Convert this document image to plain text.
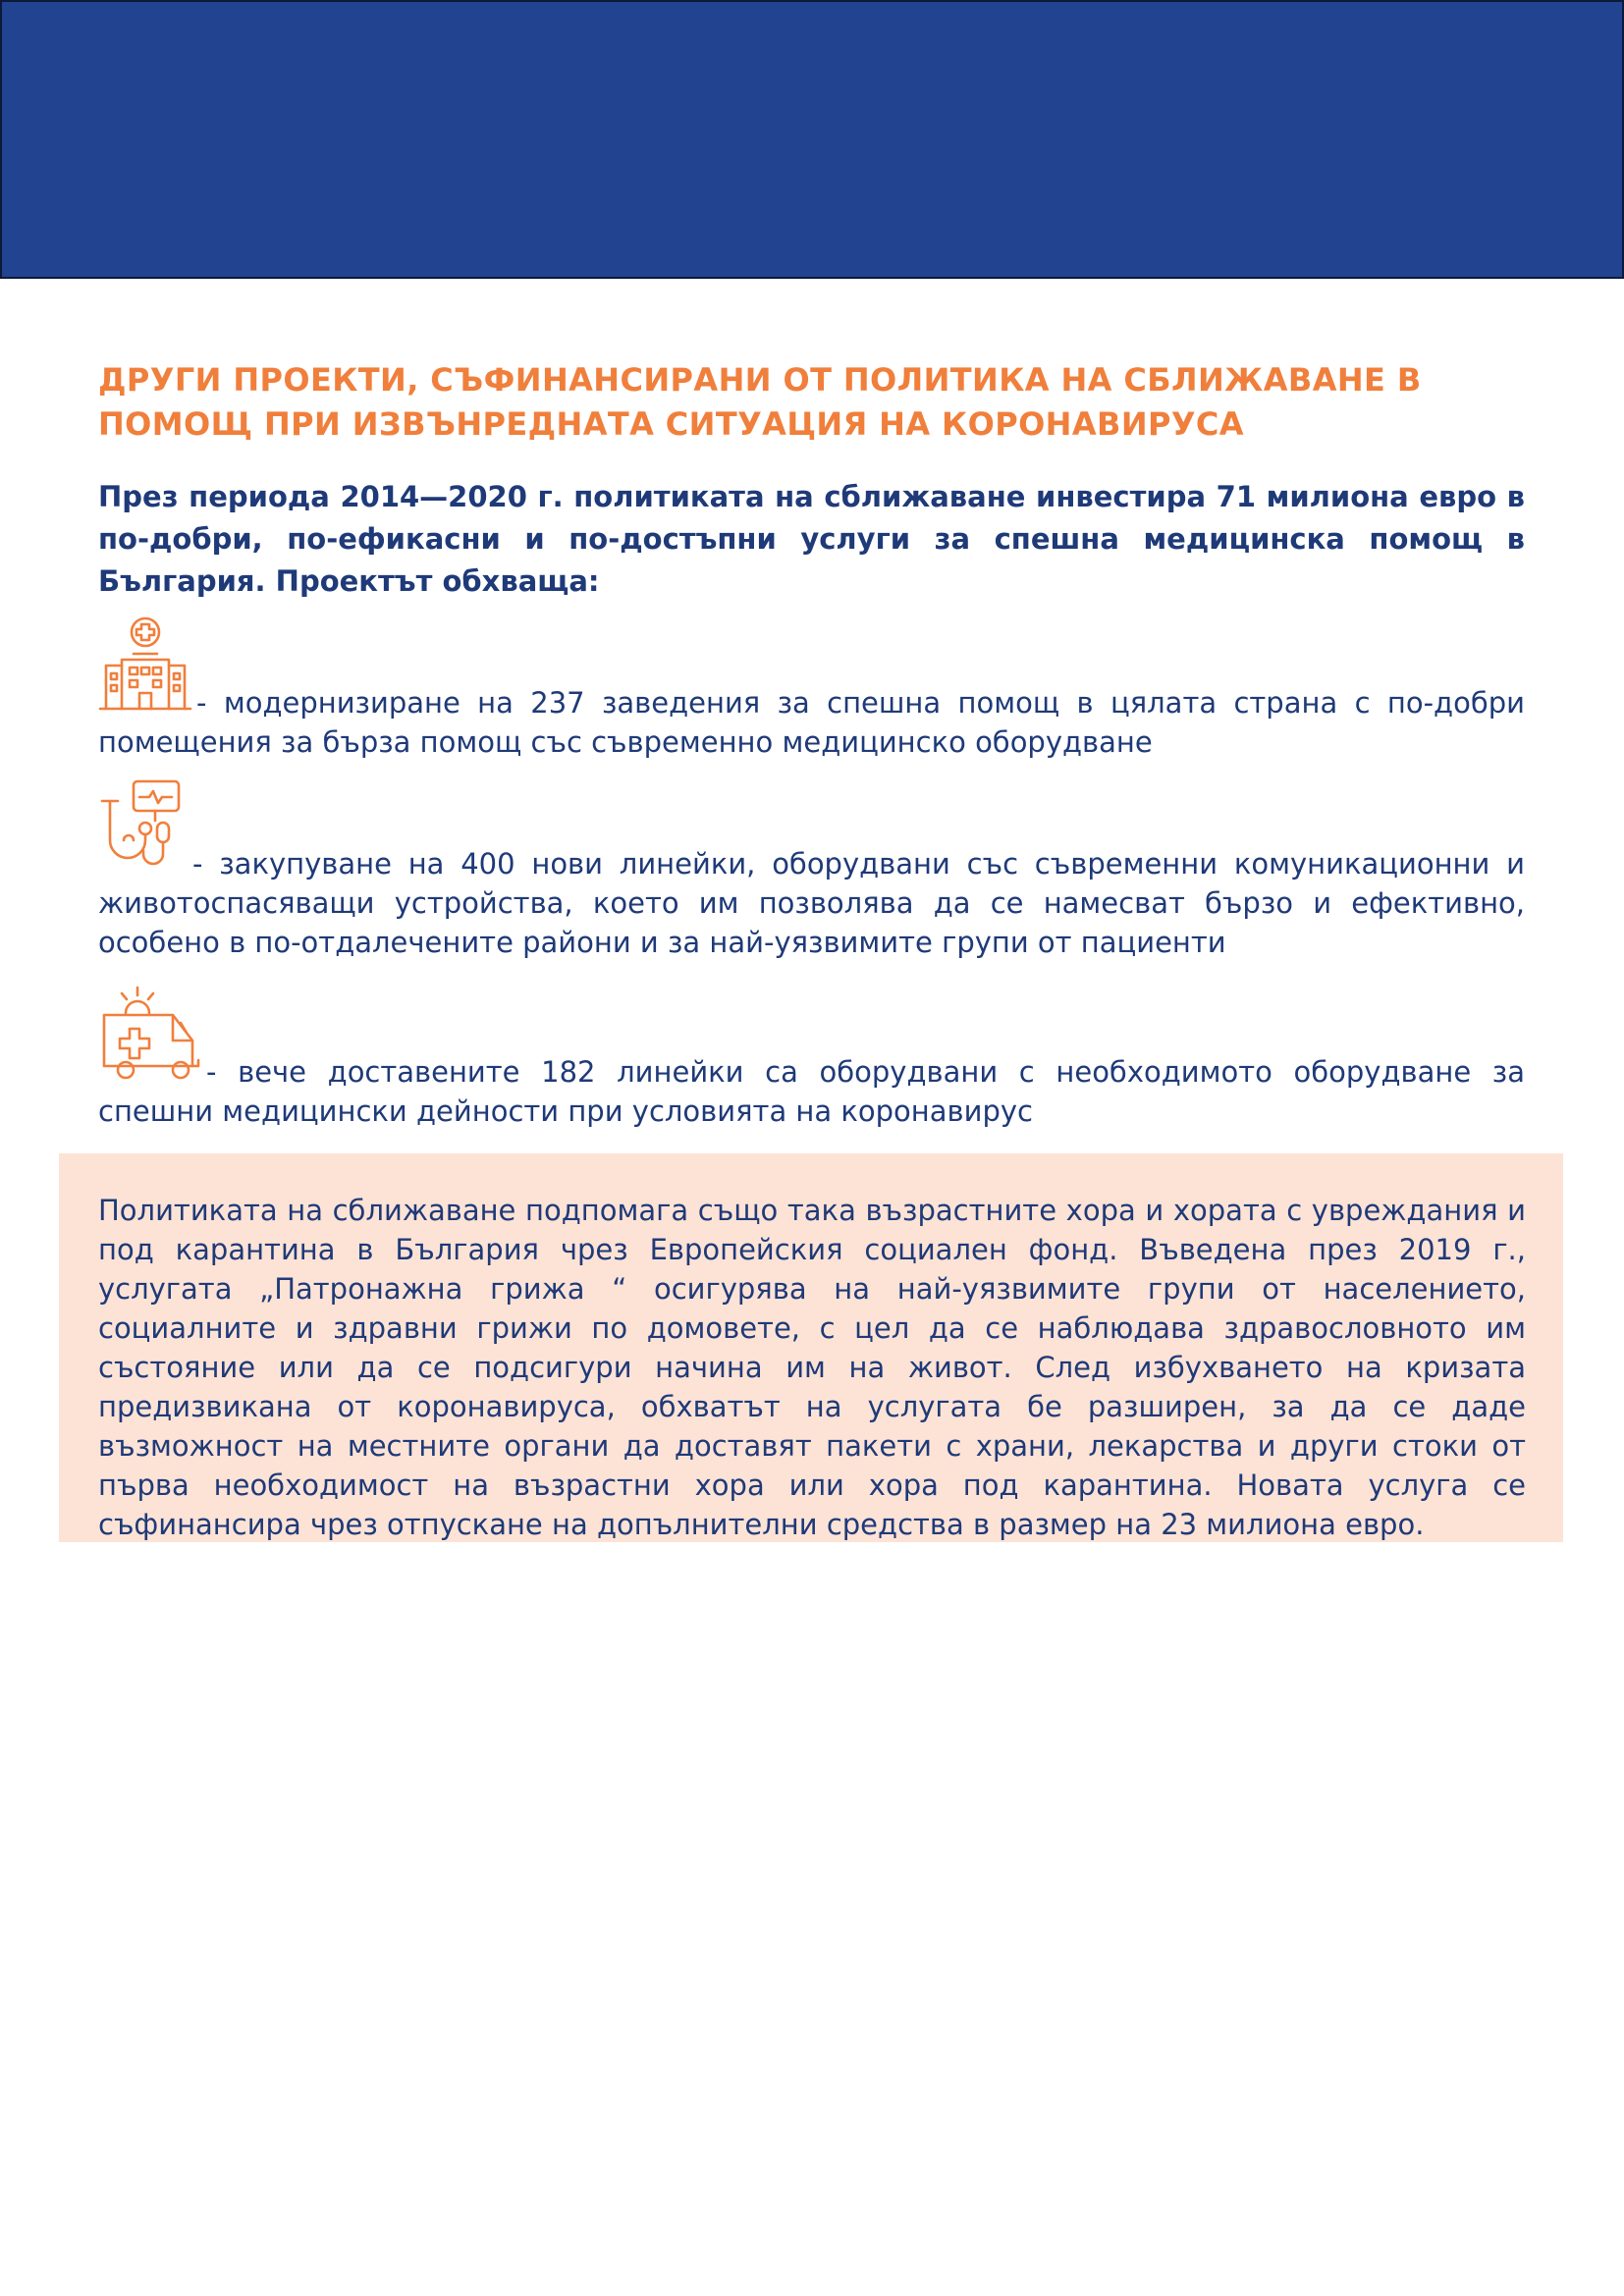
ДРУГИ ПРОЕКТИ, СЪФИНАНСИРАНИ ОТ ПОЛИТИКА НА СБЛИЖАВАНЕ В ПОМОЩ ПРИ ИЗВЪНРЕДНАТА СИТУАЦИЯ НА КОРОНАВИРУСА

През периода 2014—2020 г. политиката на сближаване инвестира 71 милиона евро в по-добри, по-ефикасни и по-достъпни услуги за спешна медицинска помощ в България. Проектът обхваща:

- модернизиране на 237 заведения за спешна помощ в цялата страна с по-добри помещения за бърза помощ със съвременно медицинско оборудване

- закупуване на 400 нови линейки, оборудвани със съвременни комуникационни и животоспасяващи устройства, което им позволява да се намесват бързо и ефективно, особено в по-отдалечените райони и за най-уязвимите групи от пациенти

- вече доставените 182 линейки са оборудвани с необходимото оборудване за спешни медицински дейности при условията на коронавирус

Политиката на сближаване подпомага също така възрастните хора и хората с увреждания и под карантина в България чрез Европейския социален фонд. Въведена през 2019 г., услугата „Патронажна грижа “ осигурява на най-уязвимите групи от населението, социалните и здравни грижи по домовете, с цел да се наблюдава здравословното им състояние или да се подсигури начина им на живот. След избухването на кризата предизвикана от коронавируса, обхватът на услугата бе разширен, за да се даде възможност на местните органи да доставят пакети с храни, лекарства и други стоки от първа необходимост на възрастни хора или хора под карантина. Новата услуга се съфинансира чрез отпускане на допълнителни средства в размер на 23 милиона евро.
